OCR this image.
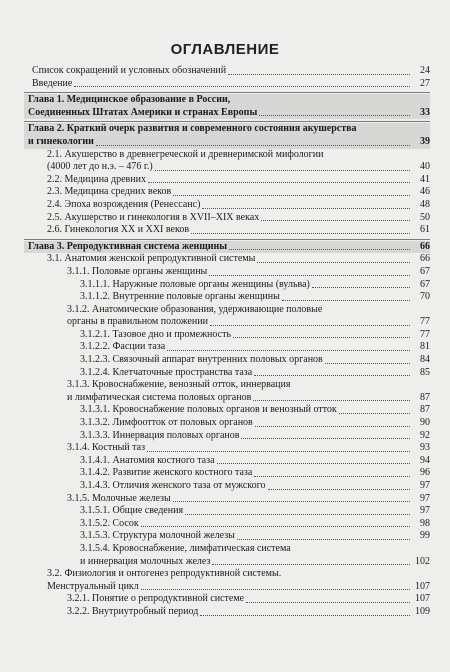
ОГЛАВЛЕНИЕ
Список сокращений и условных обозначений	24
Введение	27
Глава 1. Медицинское образование в России,
Соединенных Штатах Америки и странах Европы	33
Глава 2. Краткий очерк развития и современного состояния акушерства
и гинекологии	39
2.1. Акушерство в древнегреческой и древнеримской мифологии
(4000 лет до н.э. – 476 г.)	40
2.2. Медицина древних	41
2.3. Медицина средних веков	46
2.4. Эпоха возрождения (Ренессанс)	48
2.5. Акушерство и гинекология в XVII–XIX веках	50
2.6. Гинекология XX и XXI веков	61
Глава 3. Репродуктивная система женщины	66
3.1. Анатомия женской репродуктивной системы	66
3.1.1. Половые органы женщины	67
3.1.1.1. Наружные половые органы женщины (вульва)	67
3.1.1.2. Внутренние половые органы женщины	70
3.1.2. Анатомические образования, удерживающие половые
органы в правильном положении	77
3.1.2.1. Тазовое дно и промежность	77
3.1.2.2. Фасции таза	81
3.1.2.3. Связочный аппарат внутренних половых органов	84
3.1.2.4. Клетчаточные пространства таза	85
3.1.3. Кровоснабжение, венозный отток, иннервация
и лимфатическая система половых органов	87
3.1.3.1. Кровоснабжение половых органов и венозный отток	87
3.1.3.2. Лимфоотток от половых органов	90
3.1.3.3. Иннервация половых органов	92
3.1.4. Костный таз	93
3.1.4.1. Анатомия костного таза	94
3.1.4.2. Развитие женского костного таза	96
3.1.4.3. Отличия женского таза от мужского	97
3.1.5. Молочные железы	97
3.1.5.1. Общие сведения	97
3.1.5.2. Сосок	98
3.1.5.3. Структура молочной железы	99
3.1.5.4. Кровоснабжение, лимфатическая система
и иннервация молочных желез	102
3.2. Физиология и онтогенез репродуктивной системы.
Менструальный цикл	107
3.2.1. Понятие о репродуктивной системе	107
3.2.2. Внутриутробный период	109
